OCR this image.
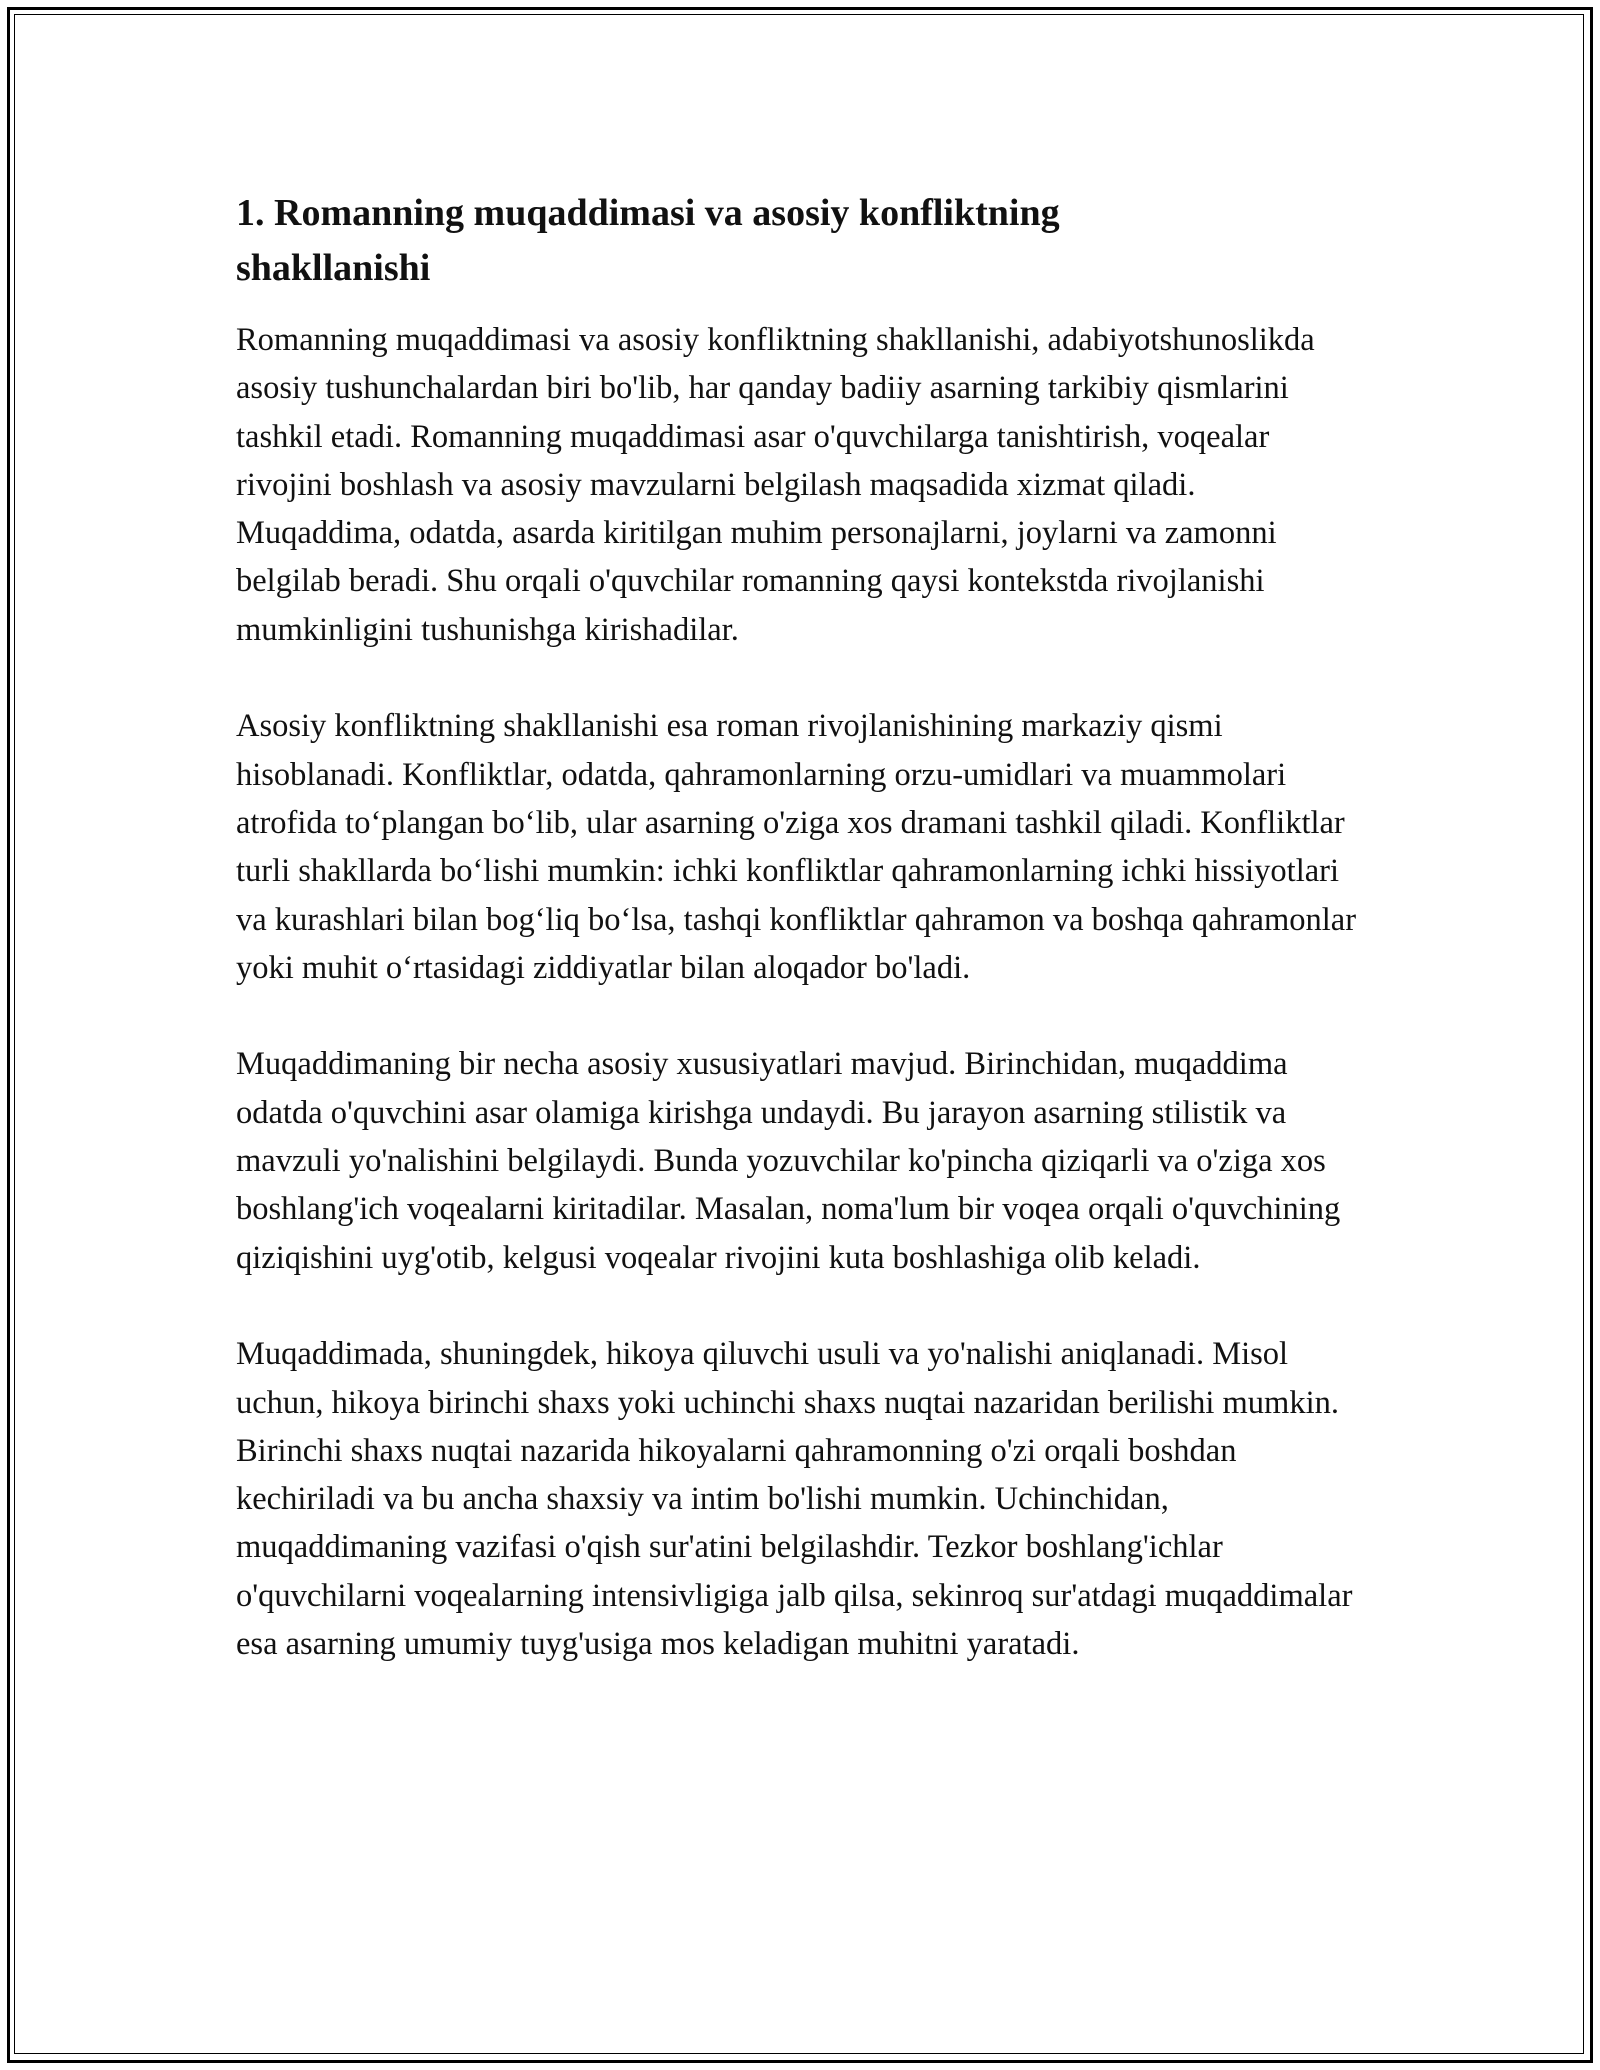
1. Romanning muqaddimasi va asosiy konfliktning shakllanishi

Romanning muqaddimasi va asosiy konfliktning shakllanishi, adabiyotshunoslikda asosiy tushunchalardan biri bo'lib, har qanday badiiy asarning tarkibiy qismlarini tashkil etadi. Romanning muqaddimasi asar o'quvchilarga tanishtirish, voqealar rivojini boshlash va asosiy mavzularni belgilash maqsadida xizmat qiladi. Muqaddima, odatda, asarda kiritilgan muhim personajlarni, joylarni va zamonni belgilab beradi. Shu orqali o'quvchilar romanning qaysi kontekstda rivojlanishi mumkinligini tushunishga kirishadilar.

Asosiy konfliktning shakllanishi esa roman rivojlanishining markaziy qismi hisoblanadi. Konfliktlar, odatda, qahramonlarning orzu-umidlari va muammolari atrofida to‘plangan bo‘lib, ular asarning o'ziga xos dramani tashkil qiladi. Konfliktlar turli shakllarda bo‘lishi mumkin: ichki konfliktlar qahramonlarning ichki hissiyotlari va kurashlari bilan bog‘liq bo‘lsa, tashqi konfliktlar qahramon va boshqa qahramonlar yoki muhit o‘rtasidagi ziddiyatlar bilan aloqador bo'ladi.

Muqaddimaning bir necha asosiy xususiyatlari mavjud. Birinchidan, muqaddima odatda o'quvchini asar olamiga kirishga undaydi. Bu jarayon asarning stilistik va mavzuli yo'nalishini belgilaydi. Bunda yozuvchilar ko'pincha qiziqarli va o'ziga xos boshlang'ich voqealarni kiritadilar. Masalan, noma'lum bir voqea orqali o'quvchining qiziqishini uyg'otib, kelgusi voqealar rivojini kuta boshlashiga olib keladi.

Muqaddimada, shuningdek, hikoya qiluvchi usuli va yo'nalishi aniqlanadi. Misol uchun, hikoya birinchi shaxs yoki uchinchi shaxs nuqtai nazaridan berilishi mumkin. Birinchi shaxs nuqtai nazarida hikoyalarni qahramonning o'zi orqali boshdan kechiriladi va bu ancha shaxsiy va intim bo'lishi mumkin. Uchinchidan, muqaddimaning vazifasi o'qish sur'atini belgilashdir. Tezkor boshlang'ichlar o'quvchilarni voqealarning intensivligiga jalb qilsa, sekinroq sur'atdagi muqaddimalar esa asarning umumiy tuyg'usiga mos keladigan muhitni yaratadi.
